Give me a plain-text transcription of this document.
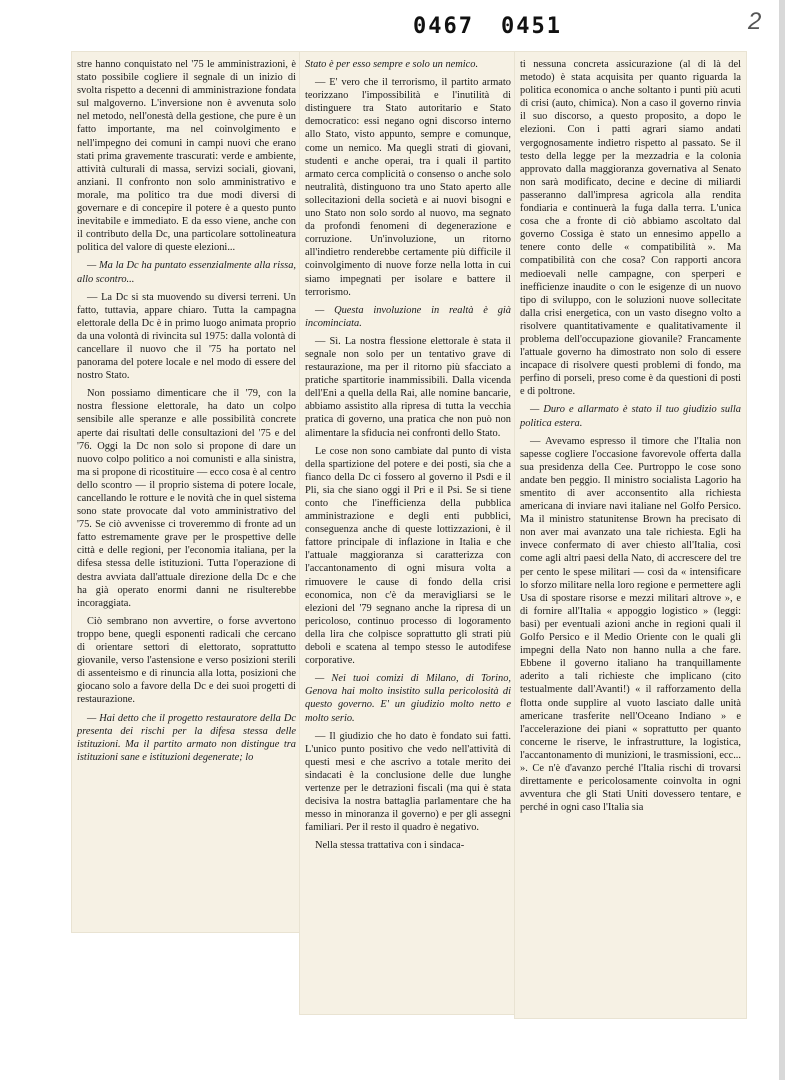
0467 0451	2

stre hanno conquistato nel '75 le amministrazioni, è stato possibile cogliere il segnale di un inizio di svolta rispetto a decenni di amministrazione fondata sul malgoverno. L'inversione non è avvenuta solo nel metodo, nell'onestà della gestione, che pure è un fatto importante, ma nel coinvolgimento e nell'impegno dei comuni in campi nuovi che erano stati prima gravemente trascurati: verde e ambiente, attività culturali di massa, servizi sociali, giovani, anziani. Il confronto non solo amministrativo e morale, ma politico tra due modi diversi di governare e di concepire il potere è a questo punto inevitabile e immediato. E da esso viene, anche con il contributo della Dc, una particolare sottolineatura politica del valore di queste elezioni...

— Ma la Dc ha puntato essenzialmente alla rissa, allo scontro...

— La Dc si sta muovendo su diversi terreni. Un fatto, tuttavia, appare chiaro. Tutta la campagna elettorale della Dc è in primo luogo animata proprio da una volontà di rivincita sul 1975: dalla volontà di cancellare il nuovo che il '75 ha portato nel panorama del potere locale e nel modo di essere del nostro Stato.

Non possiamo dimenticare che il '79, con la nostra flessione elettorale, ha dato un colpo sensibile alle speranze e alle possibilità concrete aperte dai risultati delle consultazioni del '75 e del '76. Oggi la Dc non solo si propone di dare un nuovo colpo politico a noi comunisti e alla sinistra, ma si propone di ricostituire — ecco cosa è al centro dello scontro — il proprio sistema di potere locale, cancellando le rotture e le novità che in quel sistema sono state provocate dal voto amministrativo del '75. Se ciò avvenisse ci troveremmo di fronte ad un fatto estremamente grave per le prospettive delle città e delle regioni, per l'economia italiana, per la difesa stessa delle istituzioni. Tutta l'operazione di destra avviata dall'attuale direzione della Dc e che ha già operato enormi danni ne risulterebbe incoraggiata.

Ciò sembrano non avvertire, o forse avvertono troppo bene, quegli esponenti radicali che cercano di orientare settori di elettorato, soprattutto giovanile, verso l'astensione e verso posizioni sterili di assenteismo e di rinuncia alla lotta, posizioni che giocano solo a favore della Dc e dei suoi progetti di restaurazione.

— Hai detto che il progetto restauratore della Dc presenta dei rischi per la difesa stessa delle istituzioni. Ma il partito armato non distingue tra istituzioni sane e istituzioni degenerate; lo

Stato è per esso sempre e solo un nemico.

— E' vero che il terrorismo, il partito armato teorizzano l'impossibilità e l'inutilità di distinguere tra Stato autoritario e Stato democratico: essi negano ogni discorso interno allo Stato, visto appunto, sempre e comunque, come un nemico. Ma quegli strati di giovani, studenti e anche operai, tra i quali il partito armato cerca complicità o consenso o anche solo neutralità, distinguono tra uno Stato aperto alle sollecitazioni della società e ai nuovi bisogni e uno Stato non solo sordo al nuovo, ma segnato da profondi fenomeni di degenerazione e corruzione. Un'involuzione, un ritorno all'indietro renderebbe certamente più difficile il coinvolgimento di nuove forze nella lotta in cui siamo impegnati per isolare e battere il terrorismo.

— Questa involuzione in realtà è già incominciata.

— Sì. La nostra flessione elettorale è stata il segnale non solo per un tentativo grave di restaurazione, ma per il ritorno più sfacciato a pratiche spartitorie inammissibili. Dalla vicenda dell'Eni a quella della Rai, alle nomine bancarie, abbiamo assistito alla ripresa di tutta la vecchia pratica di governo, una pratica che non può non alimentare la sfiducia nei confronti dello Stato.

Le cose non sono cambiate dal punto di vista della spartizione del potere e dei posti, sia che a fianco della Dc ci fossero al governo il Psdi e il Pli, sia che siano oggi il Pri e il Psi. Se si tiene conto che l'inefficienza della pubblica amministrazione e degli enti pubblici, conseguenza anche di queste lottizzazioni, è il fattore principale di inflazione in Italia e che l'attuale maggioranza si caratterizza con l'accantonamento di ogni misura volta a rimuovere le cause di fondo della crisi economica, non c'è da meravigliarsi se le elezioni del '79 segnano anche la ripresa di un pericoloso, continuo processo di logoramento della lira che colpisce soprattutto gli strati più deboli e scatena al tempo stesso le autodifese corporative.

— Nei tuoi comizi di Milano, di Torino, Genova hai molto insistito sulla pericolosità di questo governo. E' un giudizio molto netto e molto serio.

— Il giudizio che ho dato è fondato sui fatti. L'unico punto positivo che vedo nell'attività di questi mesi e che ascrivo a totale merito dei sindacati è la conclusione delle due lunghe vertenze per le detrazioni fiscali (ma qui è stata decisiva la nostra battaglia parlamentare che ha messo in minoranza il governo) e per gli assegni familiari. Per il resto il quadro è negativo.

Nella stessa trattativa con i sindaca-

ti nessuna concreta assicurazione (al di là del metodo) è stata acquisita per quanto riguarda la politica economica o anche soltanto i punti più acuti di crisi (auto, chimica). Non a caso il governo rinvia il suo discorso, a questo proposito, a dopo le elezioni. Con i patti agrari siamo andati vergognosamente indietro rispetto al passato. Se il testo della legge per la mezzadria e la colonia approvato dalla maggioranza governativa al Senato non sarà modificato, decine e decine di miliardi passeranno dall'impresa agricola alla rendita fondiaria e continuerà la fuga dalla terra. L'unica cosa che a fronte di ciò abbiamo ascoltato dal governo Cossiga è stato un ennesimo appello a tenere conto delle « compatibilità ». Ma compatibilità con che cosa? Con rapporti ancora medioevali nelle campagne, con sperperi e inefficienze inaudite o con le esigenze di un nuovo tipo di sviluppo, con le soluzioni nuove sollecitate dalla crisi energetica, con un vasto disegno volto a risolvere quantitativamente e qualitativamente il problema dell'occupazione giovanile? Francamente l'attuale governo ha dimostrato non solo di essere incapace di risolvere questi problemi di fondo, ma perfino di porseli, preso come è da questioni di posti e di poltrone.

— Duro e allarmato è stato il tuo giudizio sulla politica estera.

— Avevamo espresso il timore che l'Italia non sapesse cogliere l'occasione favorevole offerta dalla sua presidenza della Cee. Purtroppo le cose sono andate ben peggio. Il ministro socialista Lagorio ha smentito di aver acconsentito alla richiesta americana di inviare navi italiane nel Golfo Persico. Ma il ministro statunitense Brown ha precisato di non aver mai avanzato una tale richiesta. Egli ha invece confermato di aver chiesto all'Italia, così come agli altri paesi della Nato, di accrescere del tre per cento le spese militari — così da « intensificare lo sforzo militare nella loro regione e permettere agli Usa di spostare risorse e mezzi militari altrove », e di fornire all'Italia « appoggio logistico » (leggi: basi) per eventuali azioni anche in regioni quali il Golfo Persico e il Medio Oriente con le quali gli impegni della Nato non hanno nulla a che fare. Ebbene il governo italiano ha tranquillamente aderito a tali richieste che implicano (cito testualmente dall'Avanti!) « il rafforzamento della flotta onde supplire al vuoto lasciato dalle unità americane trasferite nell'Oceano Indiano » e l'accelerazione dei piani « soprattutto per quanto concerne le riserve, le infrastrutture, la logistica, l'accantonamento di munizioni, le trasmissioni, ecc... ». Ce n'è d'avanzo perché l'Italia rischi di trovarsi direttamente e pericolosamente coinvolta in ogni avventura che gli Stati Uniti dovessero tentare, e perché in ogni caso l'Italia sia
